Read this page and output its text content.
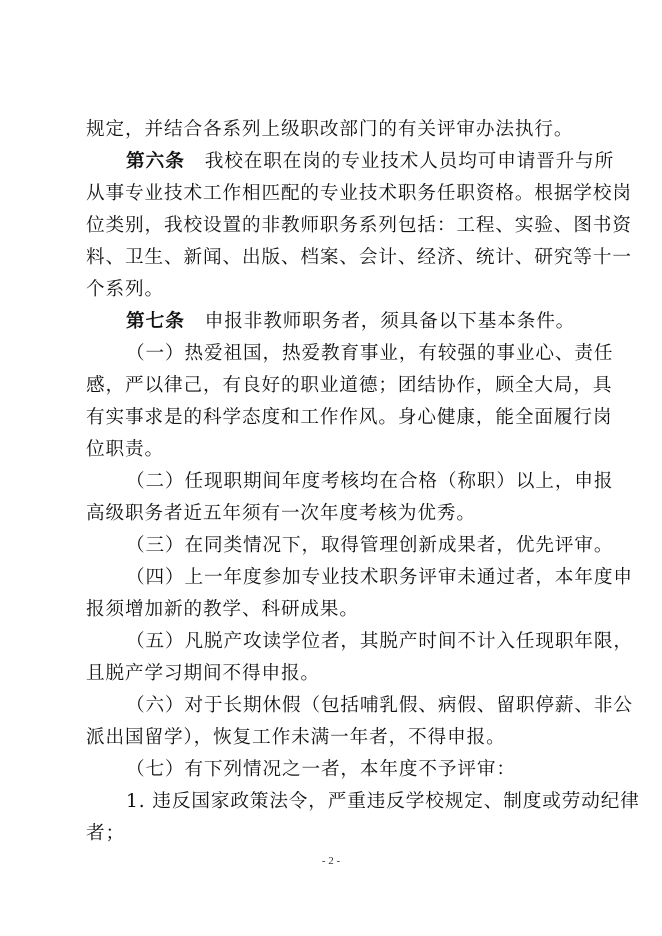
规定，并结合各系列上级职改部门的有关评审办法执行。
第六条 我校在职在岗的专业技术人员均可申请晋升与所
从事专业技术工作相匹配的专业技术职务任职资格。根据学校岗
位类别，我校设置的非教师职务系列包括：工程、实验、图书资
料、卫生、新闻、出版、档案、会计、经济、统计、研究等十一
个系列。
第七条 申报非教师职务者，须具备以下基本条件。
（一）热爱祖国，热爱教育事业，有较强的事业心、责任
感，严以律己，有良好的职业道德；团结协作，顾全大局，具
有实事求是的科学态度和工作作风。身心健康，能全面履行岗
位职责。
（二）任现职期间年度考核均在合格（称职）以上，申报
高级职务者近五年须有一次年度考核为优秀。
（三）在同类情况下，取得管理创新成果者，优先评审。
（四）上一年度参加专业技术职务评审未通过者，本年度申
报须增加新的教学、科研成果。
（五）凡脱产攻读学位者，其脱产时间不计入任现职年限，
且脱产学习期间不得申报。
（六）对于长期休假（包括哺乳假、病假、留职停薪、非公
派出国留学），恢复工作未满一年者，不得申报。
（七）有下列情况之一者，本年度不予评审：
1. 违反国家政策法令，严重违反学校规定、制度或劳动纪律
者；
- 2 -
